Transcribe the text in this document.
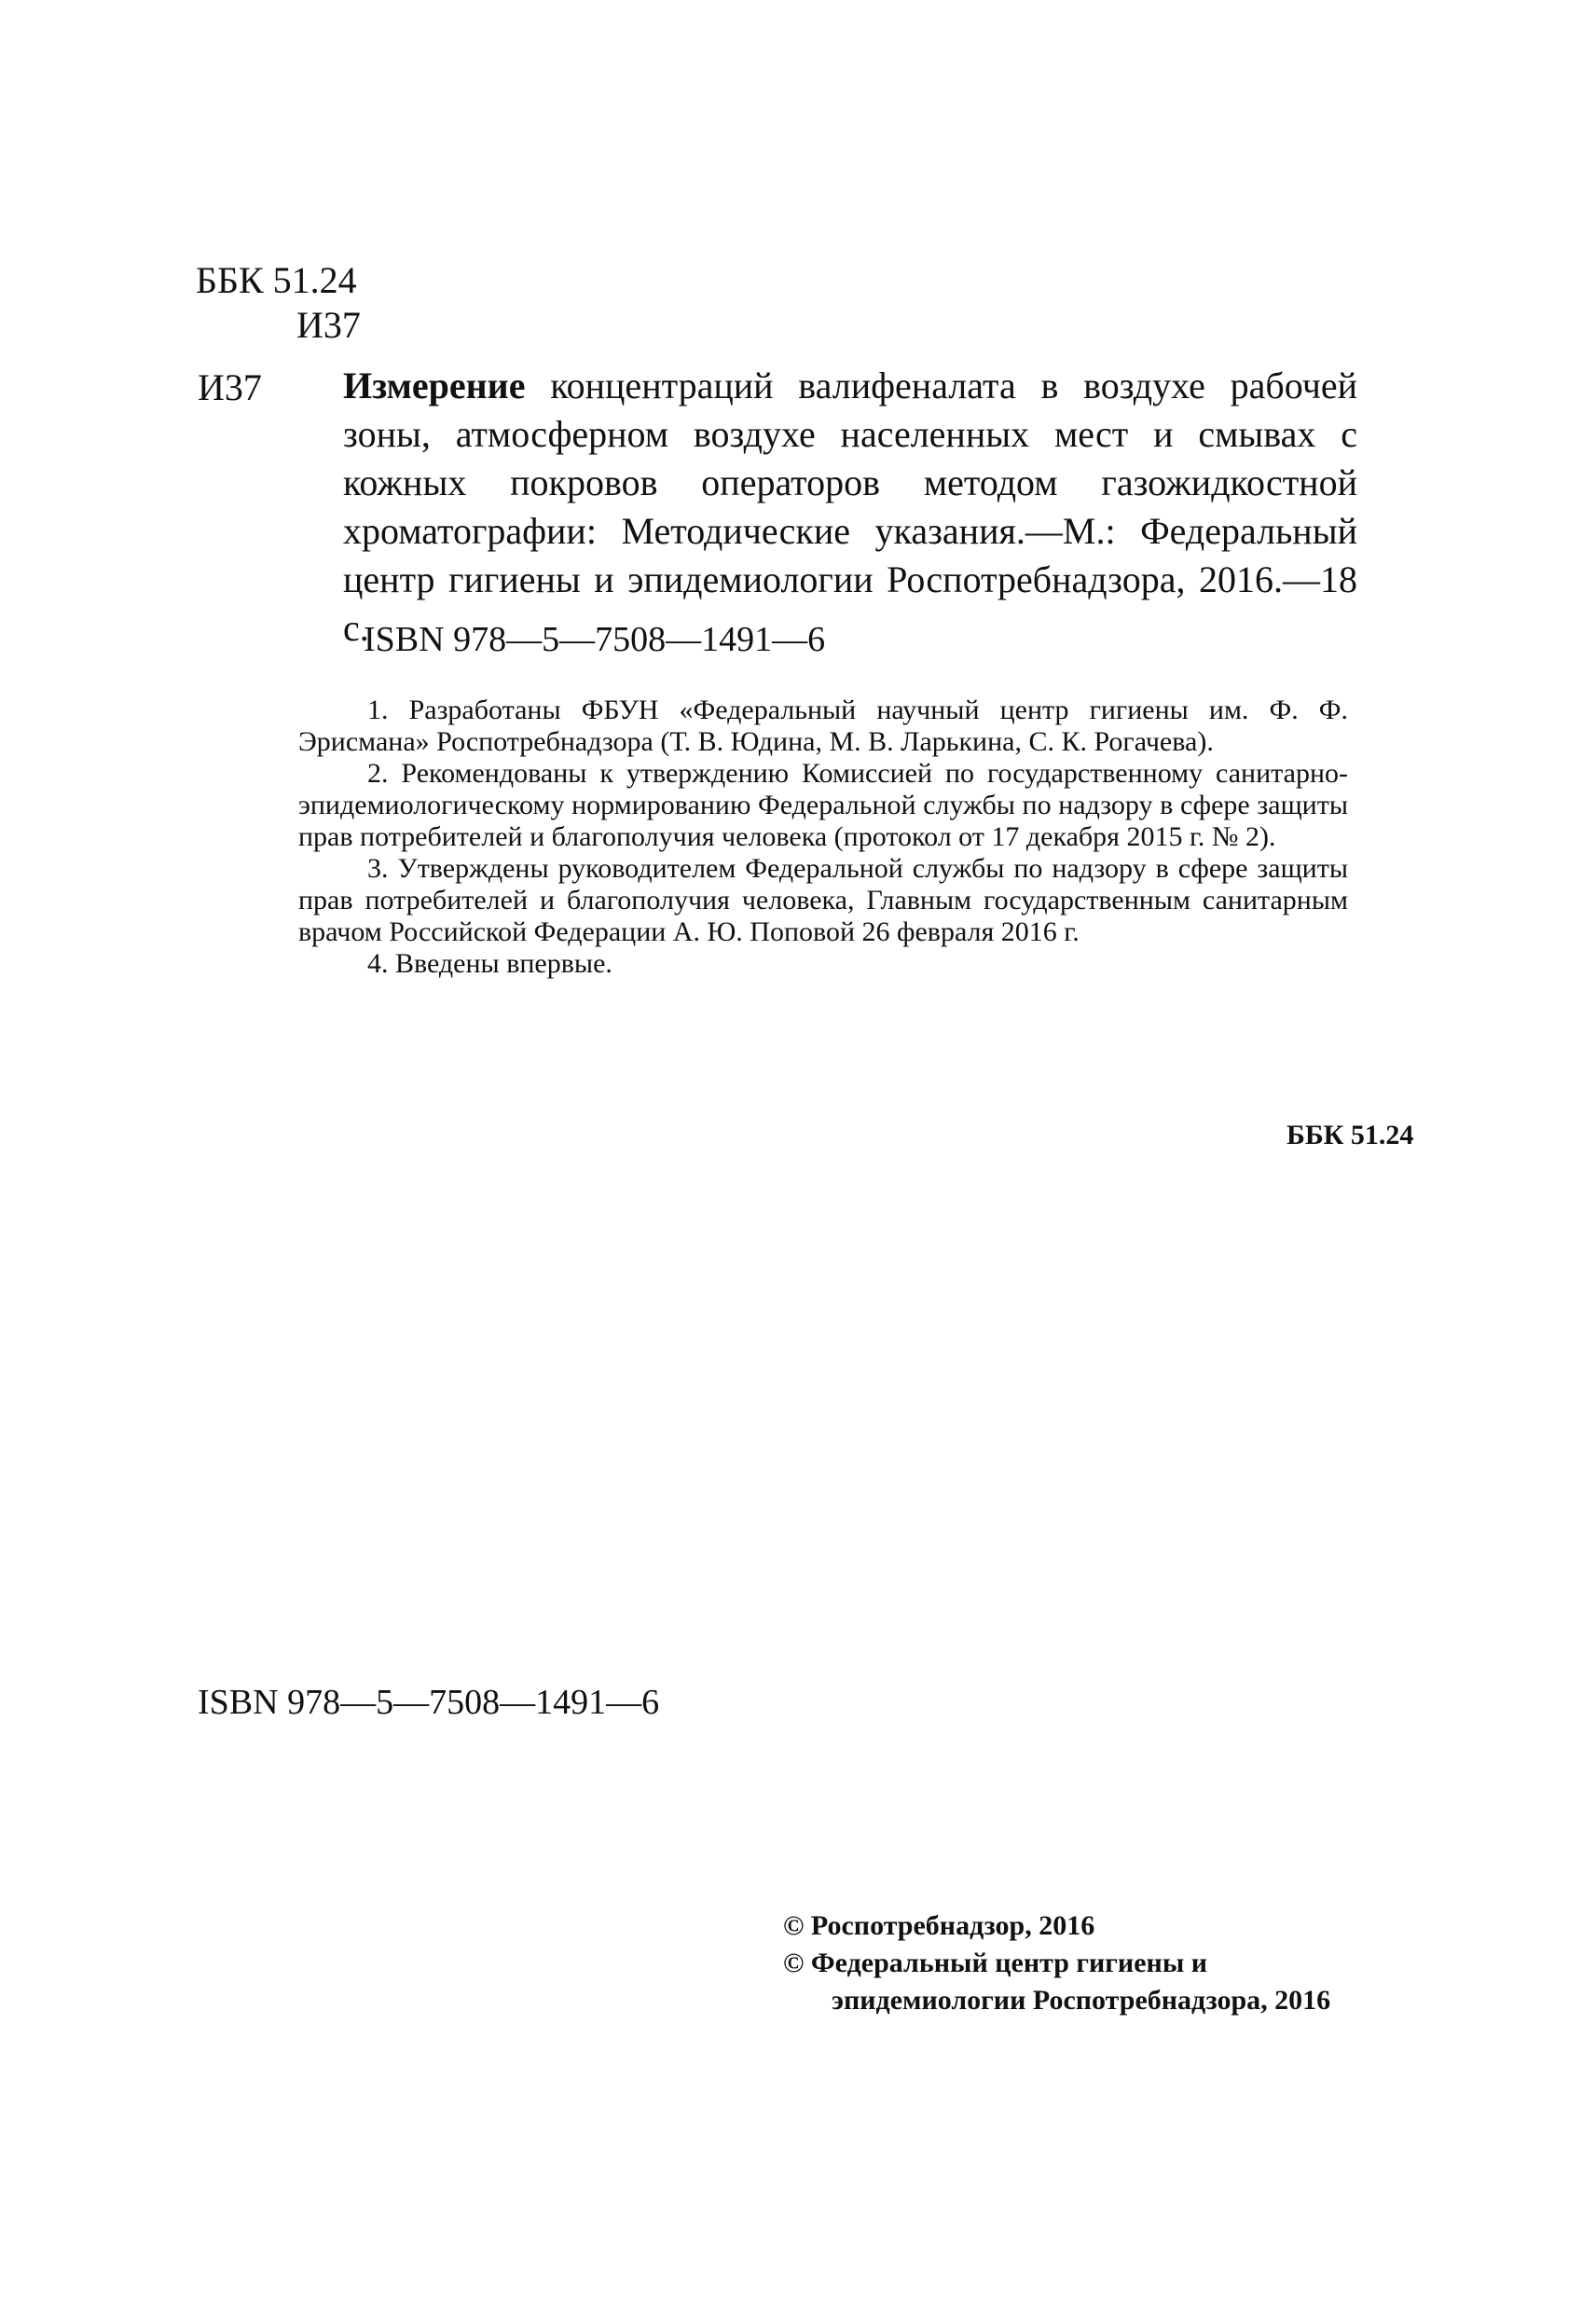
ББК 51.24
И37
И37 Измерение концентраций валифеналата в воздухе рабочей зоны, атмосферном воздухе населенных мест и смывах с кожных покровов операторов методом газожидкостной хроматографии: Методические указания.—М.: Федеральный центр гигиены и эпидемиологии Роспотребнадзора, 2016.—18 с.
ISBN 978—5—7508—1491—6

1. Разработаны ФБУН «Федеральный научный центр гигиены им. Ф. Ф. Эрисмана» Роспотребнадзора (Т. В. Юдина, М. В. Ларькина, С. К. Рогачева).

2. Рекомендованы к утверждению Комиссией по государственному санитарно-эпидемиологическому нормированию Федеральной службы по надзору в сфере защиты прав потребителей и благополучия человека (протокол от 17 декабря 2015 г. № 2).

3. Утверждены руководителем Федеральной службы по надзору в сфере защиты прав потребителей и благополучия человека, Главным государственным санитарным врачом Российской Федерации А. Ю. Поповой 26 февраля 2016 г.

4. Введены впервые.

ББК 51.24
ISBN 978—5—7508—1491—6
© Роспотребнадзор, 2016
© Федеральный центр гигиены и
эпидемиологии Роспотребнадзора, 2016
